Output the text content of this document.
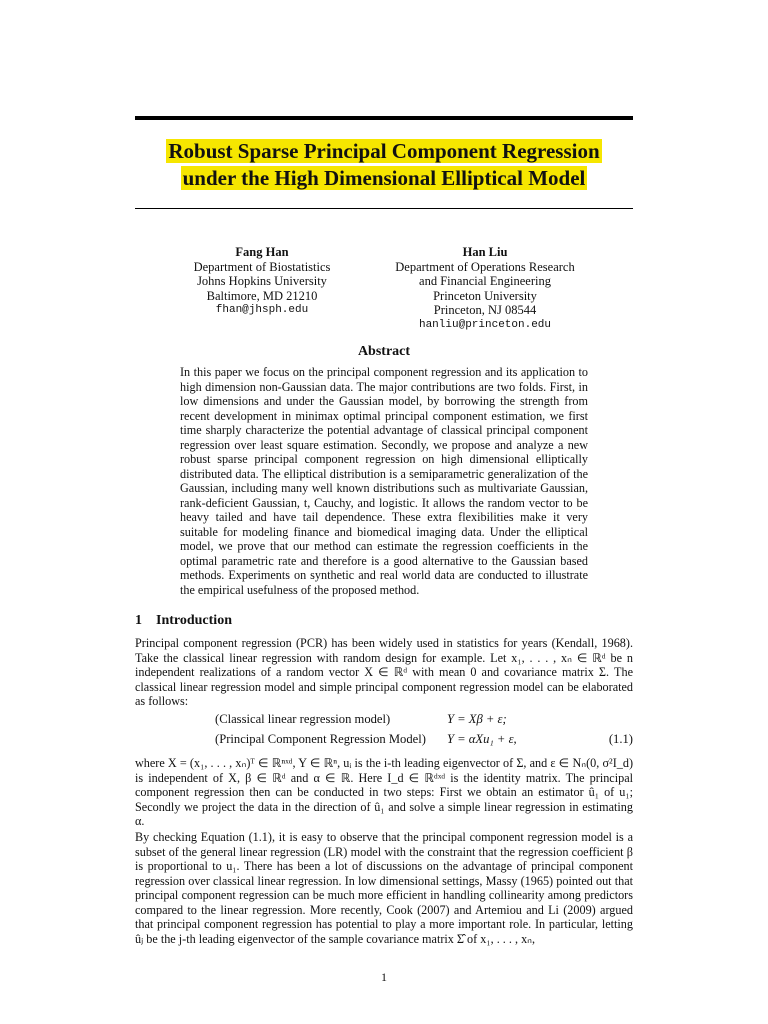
Robust Sparse Principal Component Regression
under the High Dimensional Elliptical Model
Fang Han
Department of Biostatistics
Johns Hopkins University
Baltimore, MD 21210
fhan@jhsph.edu
Han Liu
Department of Operations Research
and Financial Engineering
Princeton University
Princeton, NJ 08544
hanliu@princeton.edu
Abstract
In this paper we focus on the principal component regression and its application to high dimension non-Gaussian data. The major contributions are two folds. First, in low dimensions and under the Gaussian model, by borrowing the strength from recent development in minimax optimal principal component estimation, we first time sharply characterize the potential advantage of classical principal component regression over least square estimation. Secondly, we propose and analyze a new robust sparse principal component regression on high dimensional elliptically distributed data. The elliptical distribution is a semiparametric generalization of the Gaussian, including many well known distributions such as multivariate Gaussian, rank-deficient Gaussian, t, Cauchy, and logistic. It allows the random vector to be heavy tailed and have tail dependence. These extra flexibilities make it very suitable for modeling finance and biomedical imaging data. Under the elliptical model, we prove that our method can estimate the regression coefficients in the optimal parametric rate and therefore is a good alternative to the Gaussian based methods. Experiments on synthetic and real world data are conducted to illustrate the empirical usefulness of the proposed method.
1 Introduction
Principal component regression (PCR) has been widely used in statistics for years (Kendall, 1968). Take the classical linear regression with random design for example. Let x₁, . . . , xₙ ∈ ℝᵈ be n independent realizations of a random vector X ∈ ℝᵈ with mean 0 and covariance matrix Σ. The classical linear regression model and simple principal component regression model can be elaborated as follows:
(Classical linear regression model)	Y = Xβ + ε;
(Principal Component Regression Model) Y = αXu₁ + ε,	(1.1)
where X = (x₁, . . . , xₙ)ᵀ ∈ ℝⁿˣᵈ, Y ∈ ℝⁿ, uᵢ is the i-th leading eigenvector of Σ, and ε ∈ Nₙ(0, σ²I_d) is independent of X, β ∈ ℝᵈ and α ∈ ℝ. Here I_d ∈ ℝᵈˣᵈ is the identity matrix. The principal component regression then can be conducted in two steps: First we obtain an estimator û₁ of u₁; Secondly we project the data in the direction of û₁ and solve a simple linear regression in estimating α.
By checking Equation (1.1), it is easy to observe that the principal component regression model is a subset of the general linear regression (LR) model with the constraint that the regression coefficient β is proportional to u₁. There has been a lot of discussions on the advantage of principal component regression over classical linear regression. In low dimensional settings, Massy (1965) pointed out that principal component regression can be much more efficient in handling collinearity among predictors compared to the linear regression. More recently, Cook (2007) and Artemiou and Li (2009) argued that principal component regression has potential to play a more important role. In particular, letting ûⱼ be the j-th leading eigenvector of the sample covariance matrix Σ̂ of x₁, . . . , xₙ,
1
